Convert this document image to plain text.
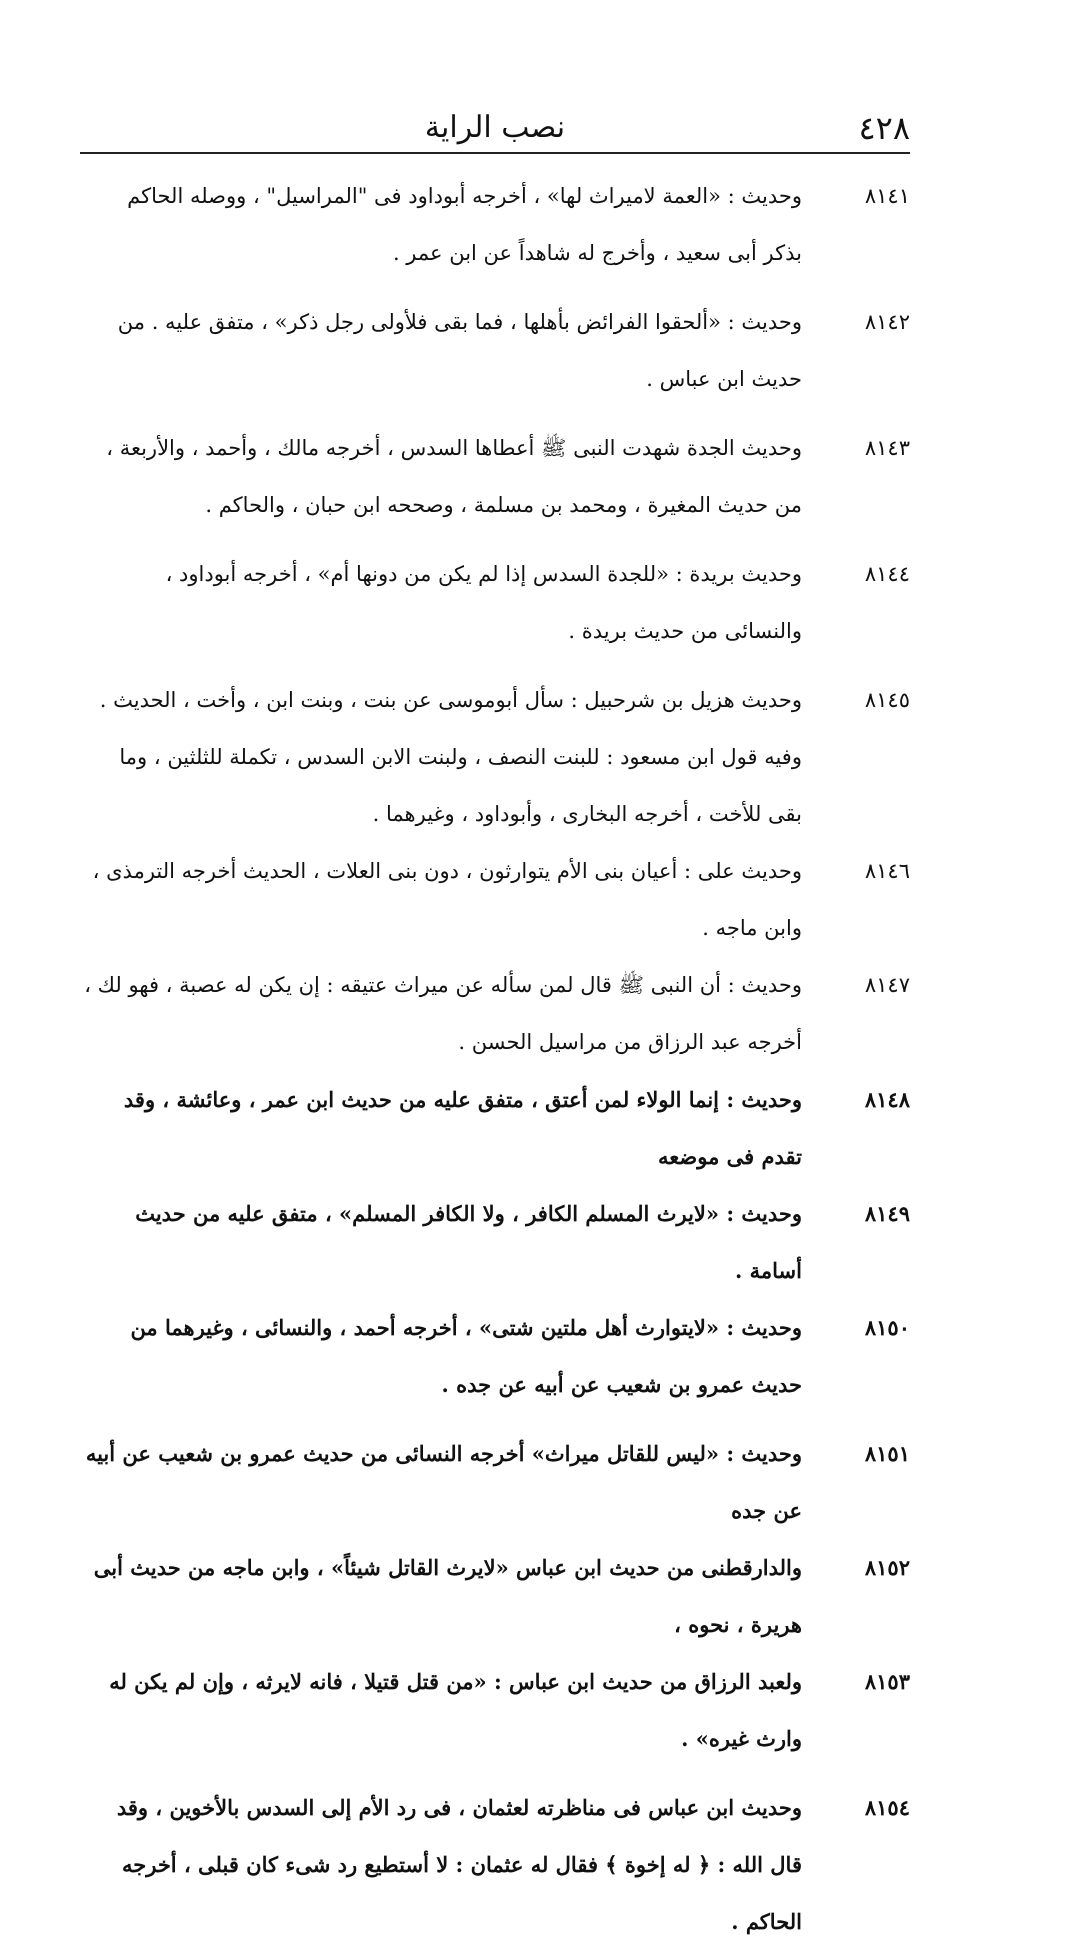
٤٢٨
نصب الراية
٨١٤١
وحديث : «العمة لاميراث لها» ، أخرجه أبوداود فى "المراسيل" ، ووصله الحاكم بذكر أبى سعيد ، وأخرج له شاهداً عن ابن عمر .
٨١٤٢
وحديث : «ألحقوا الفرائض بأهلها ، فما بقى فلأولى رجل ذكر» ، متفق عليه . من حديث ابن عباس .
٨١٤٣
وحديث الجدة شهدت النبى ﷺ أعطاها السدس ، أخرجه مالك ، وأحمد ، والأربعة ، من حديث المغيرة ، ومحمد بن مسلمة ، وصححه ابن حبان ، والحاكم .
٨١٤٤
وحديث بريدة : «للجدة السدس إذا لم يكن من دونها أم» ، أخرجه أبوداود ، والنسائى من حديث بريدة .
٨١٤٥
وحديث هزيل بن شرحبيل : سأل أبوموسى عن بنت ، وبنت ابن ، وأخت ، الحديث . وفيه قول ابن مسعود : للبنت النصف ، ولبنت الابن السدس ، تكملة للثلثين ، وما بقى للأخت ، أخرجه البخارى ، وأبوداود ، وغيرهما .
٨١٤٦
وحديث على : أعيان بنى الأم يتوارثون ، دون بنى العلات ، الحديث أخرجه الترمذى ، وابن ماجه .
٨١٤٧
وحديث : أن النبى ﷺ قال لمن سأله عن ميراث عتيقه : إن يكن له عصبة ، فهو لك ، أخرجه عبد الرزاق من مراسيل الحسن .
٨١٤٨
وحديث : إنما الولاء لمن أعتق ، متفق عليه من حديث ابن عمر ، وعائشة ، وقد تقدم فى موضعه
٨١٤٩
وحديث : «لايرث المسلم الكافر ، ولا الكافر المسلم» ، متفق عليه من حديث أسامة .
٨١٥٠
وحديث : «لايتوارث أهل ملتين شتى» ، أخرجه أحمد ، والنسائى ، وغيرهما من حديث عمرو بن شعيب عن أبيه عن جده .
٨١٥١
وحديث : «ليس للقاتل ميراث» أخرجه النسائى من حديث عمرو بن شعيب عن أبيه عن جده
٨١٥٢
والدارقطنى من حديث ابن عباس «لايرث القاتل شيئاً» ، وابن ماجه من حديث أبى هريرة ، نحوه ،
٨١٥٣
ولعبد الرزاق من حديث ابن عباس : «من قتل قتيلا ، فانه لايرثه ، وإن لم يكن له وارث غيره» .
٨١٥٤
وحديث ابن عباس فى مناظرته لعثمان ، فى رد الأم إلى السدس بالأخوين ، وقد قال الله : ﴿ له إخوة ﴾ فقال له عثمان : لا أستطيع رد شىء كان قبلى ، أخرجه الحاكم .
